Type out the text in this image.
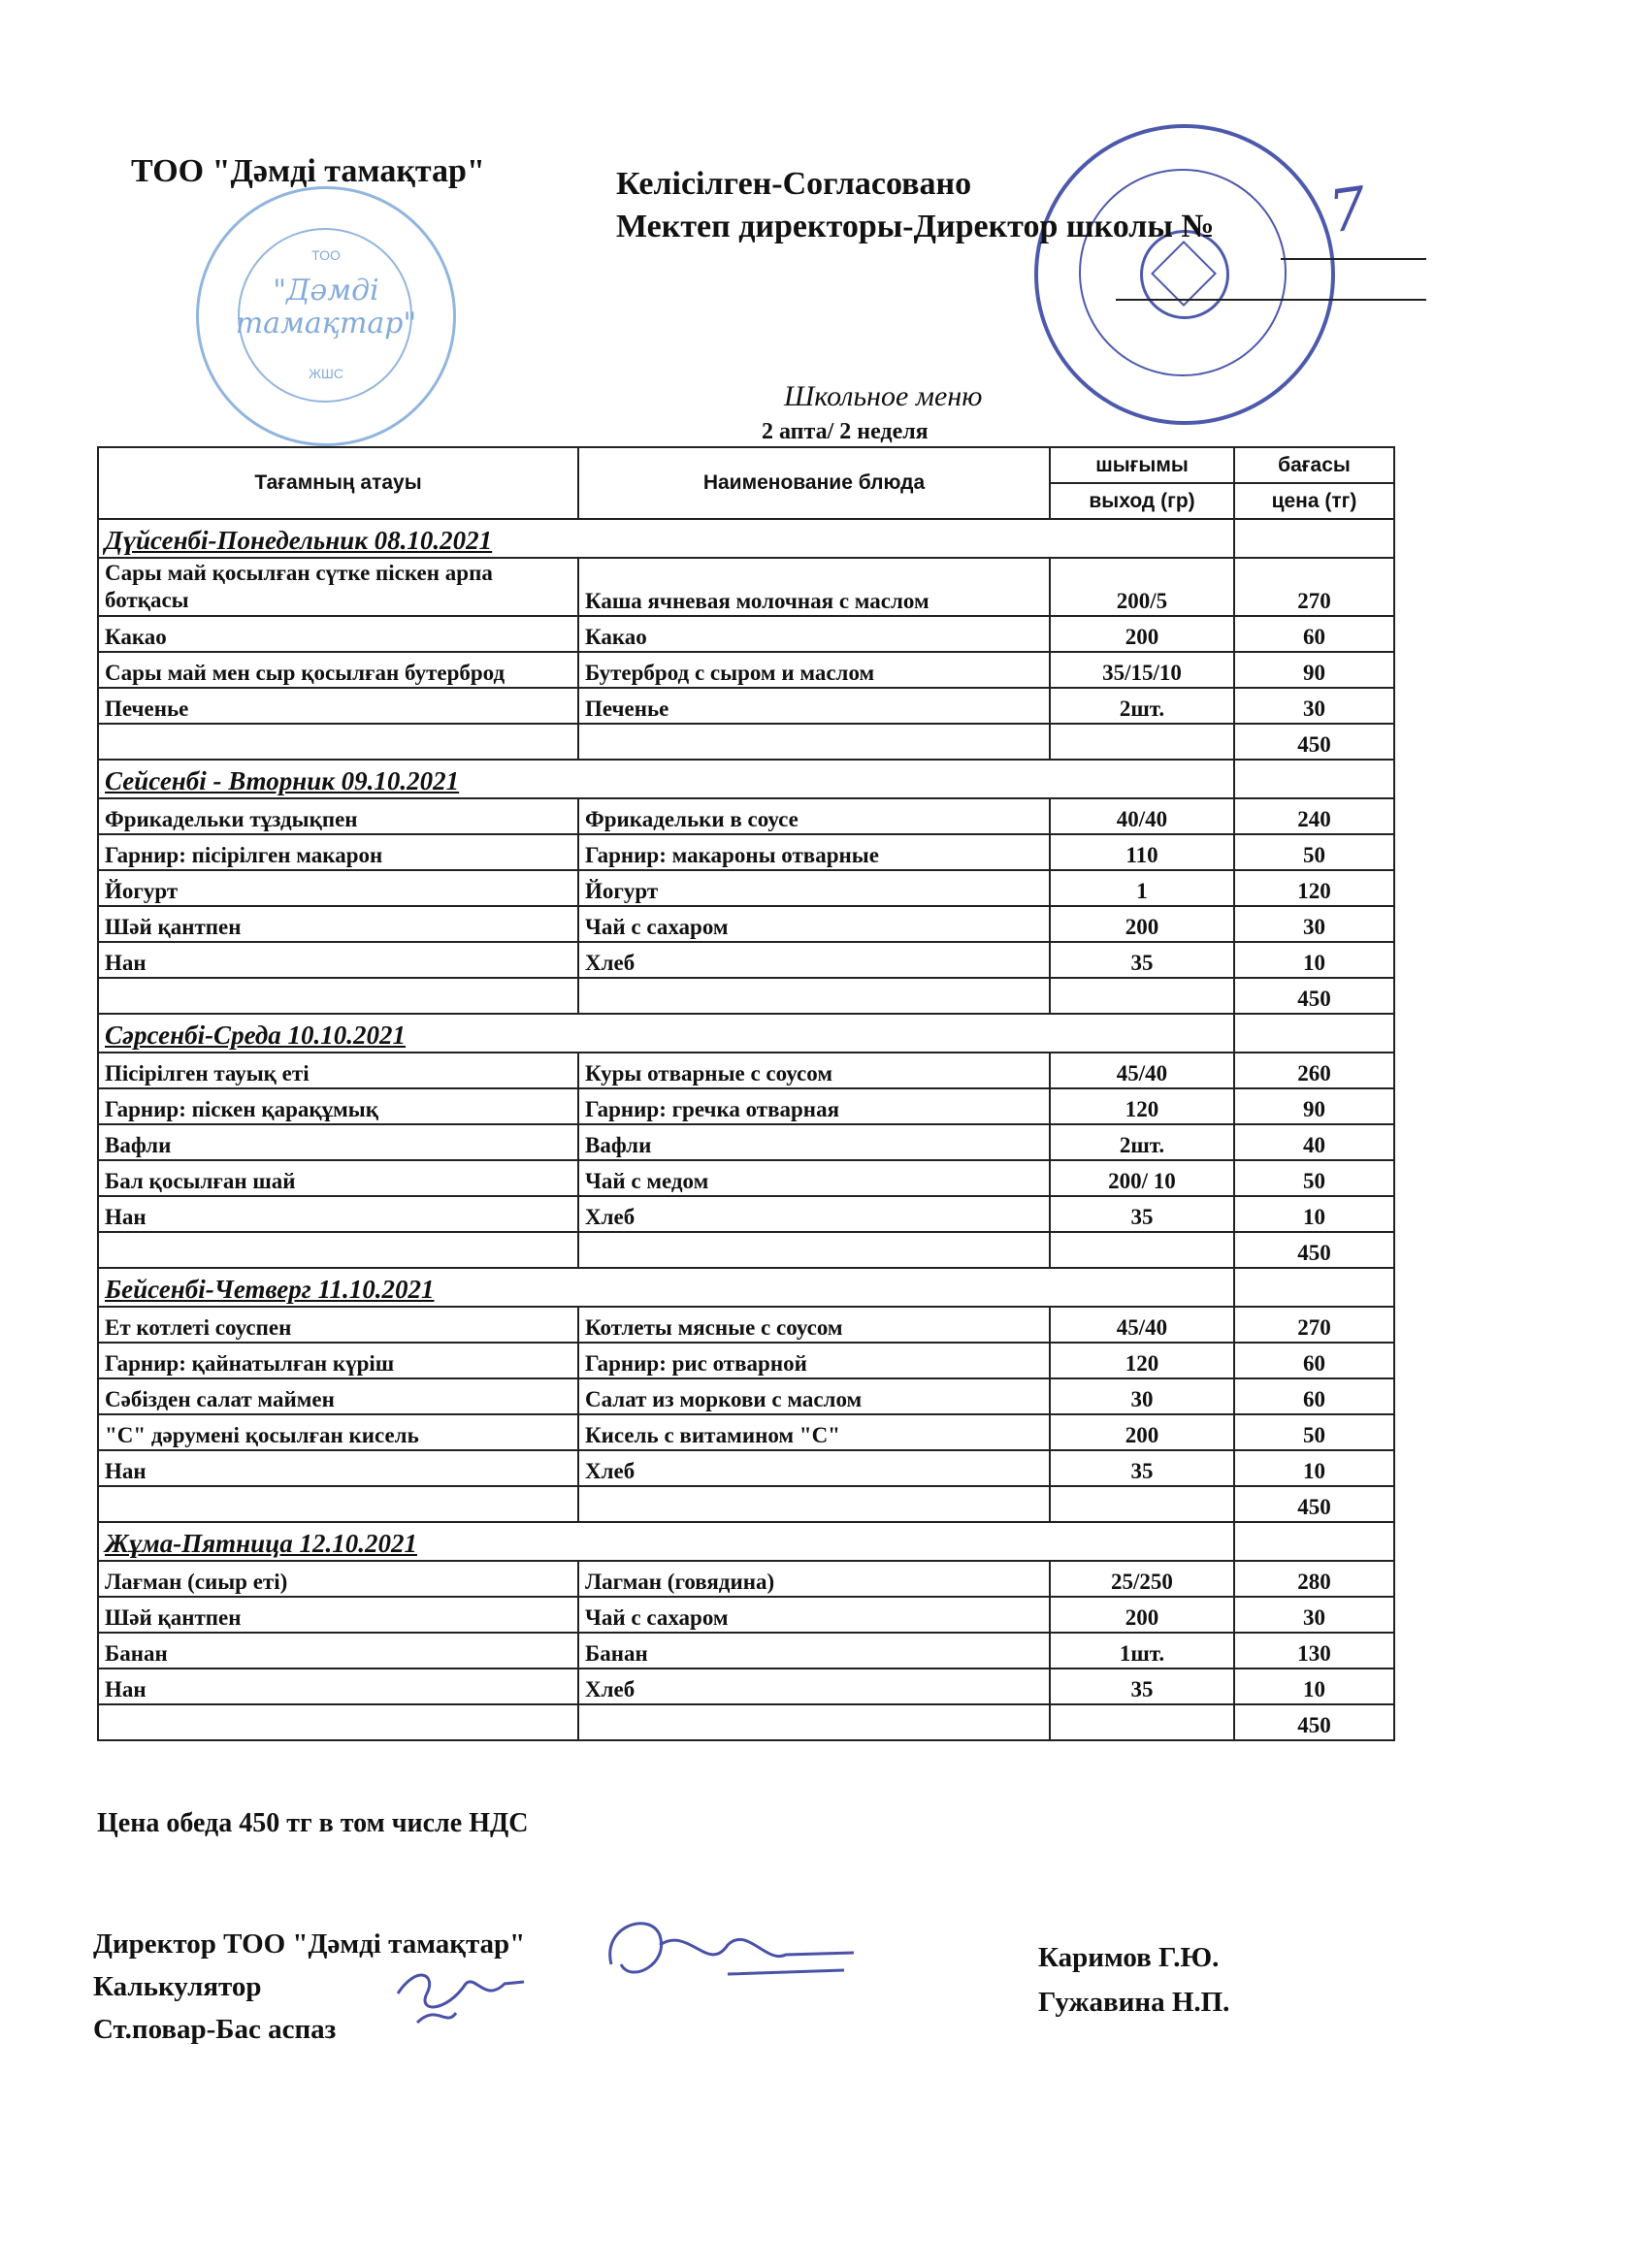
ТОО
"Дәмді
тамақтар"
ЖШС
ТОО "Дәмді тамақтар"	Келісілген-Согласовано
Мектеп директоры-Директор школы № 7
Школьное меню
2 апта/ 2 неделя
Тағамның атауы	Наименование блюда	шығымы	бағасы
		выход (гр)	цена (тг)
Дүйсенбі-Понедельник 08.10.2021			
Сары май қосылған сүтке піскен арпа ботқасы	Каша ячневая молочная с маслом	200/5	270
Какао	Какао	200	60
Сары май мен сыр қосылған бутерброд	Бутерброд с сыром и маслом	35/15/10	90
Печенье	Печенье	2шт.	30
			450
Сейсенбі - Вторник 09.10.2021			
Фрикадельки тұздықпен	Фрикадельки в соусе	40/40	240
Гарнир: пісірілген макарон	Гарнир: макароны отварные	110	50
Йогурт	Йогурт	1	120
Шәй қантпен	Чай с сахаром	200	30
Нан	Хлеб	35	10
			450
Сәрсенбі-Среда 10.10.2021			
Пісірілген тауық еті	Куры отварные с соусом	45/40	260
Гарнир: піскен қарақұмық	Гарнир: гречка отварная	120	90
Вафли	Вафли	2шт.	40
Бал қосылған шай	Чай с медом	200/ 10	50
Нан	Хлеб	35	10
			450
Бейсенбі-Четверг 11.10.2021			
Ет котлеті соуспен	Котлеты мясные с соусом	45/40	270
Гарнир: қайнатылған күріш	Гарнир: рис отварной	120	60
Сәбізден салат маймен	Салат из моркови с маслом	30	60
"С" дәрумені қосылған кисель	Кисель с витамином "С"	200	50
Нан	Хлеб	35	10
			450
Жұма-Пятница 12.10.2021			
Лағман (сиыр еті)	Лагман (говядина)	25/250	280
Шәй қантпен	Чай с сахаром	200	30
Банан	Банан	1шт.	130
Нан	Хлеб	35	10
			450
Цена обеда 450 тг в том числе НДС
Директор ТОО "Дәмді тамақтар"
Калькулятор
Ст.повар-Бас аспаз
Каримов Г.Ю.
Гужавина Н.П.
